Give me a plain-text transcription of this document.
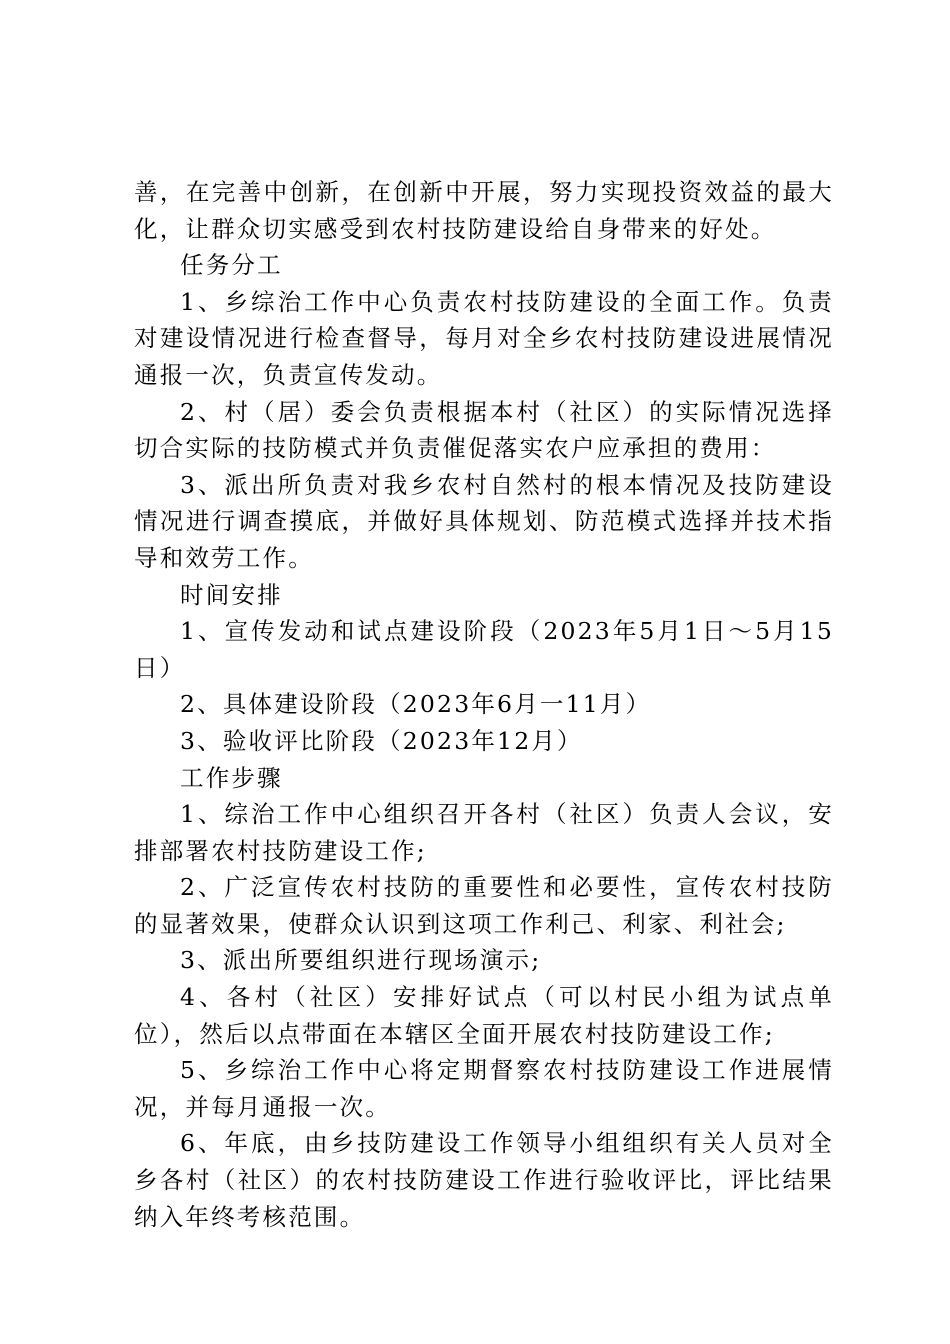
善，在完善中创新，在创新中开展，努力实现投资效益的最大化，让群众切实感受到农村技防建设给自身带来的好处。

任务分工

1、乡综治工作中心负责农村技防建设的全面工作。负责对建设情况进行检查督导，每月对全乡农村技防建设进展情况通报一次，负责宣传发动。

2、村（居）委会负责根据本村（社区）的实际情况选择切合实际的技防模式并负责催促落实农户应承担的费用：

3、派出所负责对我乡农村自然村的根本情况及技防建设情况进行调查摸底，并做好具体规划、防范模式选择并技术指导和效劳工作。

时间安排

1、宣传发动和试点建设阶段（2023年5月1日～5月15日）

2、具体建设阶段（2023年6月一11月）

3、验收评比阶段（2023年12月）

工作步骤

1、综治工作中心组织召开各村（社区）负责人会议，安排部署农村技防建设工作;

2、广泛宣传农村技防的重要性和必要性，宣传农村技防的显著效果，使群众认识到这项工作利己、利家、利社会;

3、派出所要组织进行现场演示;

4、各村（社区）安排好试点（可以村民小组为试点单位），然后以点带面在本辖区全面开展农村技防建设工作;

5、乡综治工作中心将定期督察农村技防建设工作进展情况，并每月通报一次。

6、年底，由乡技防建设工作领导小组组织有关人员对全乡各村（社区）的农村技防建设工作进行验收评比，评比结果纳入年终考核范围。
